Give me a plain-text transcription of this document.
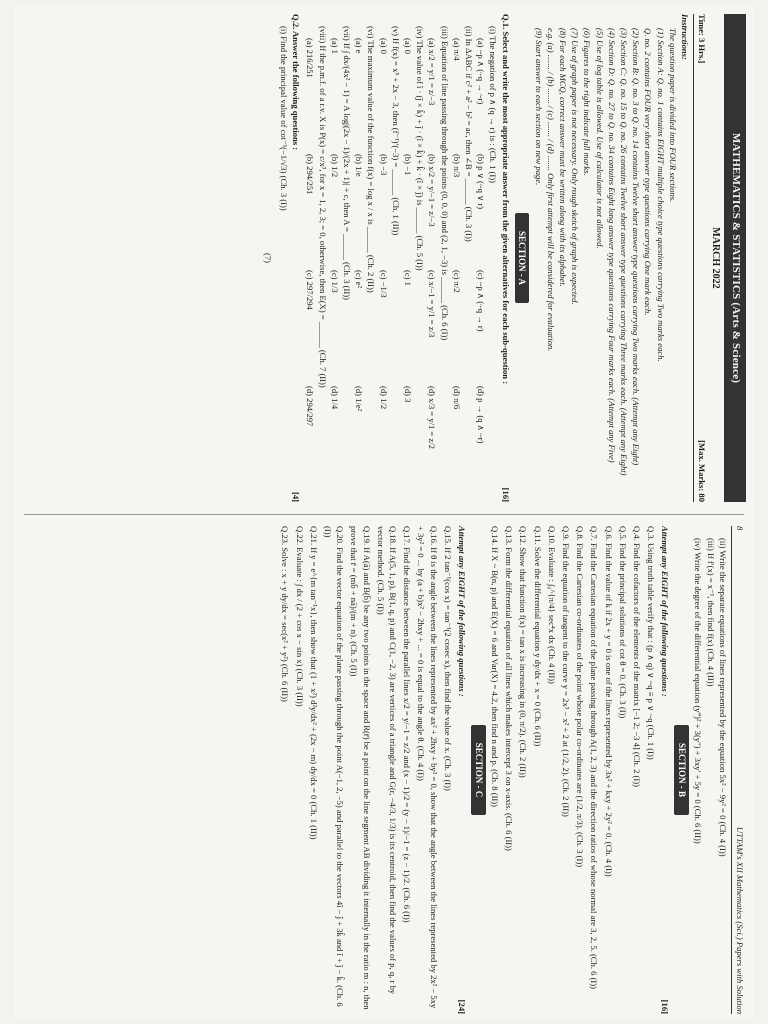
MATHEMATICS & STATISTICS (Arts & Science)
MARCH 2022
Time: 3 Hrs.]
[Max. Marks: 80
Instructions:
The question paper is divided into FOUR sections.
(1) Section A: Q. no. 1 contains EIGHT multiple choice type questions carrying Two marks each.
Q. no. 2 contains FOUR very short answer type questions carrying One mark each.
(2) Section B: Q. no. 3 to Q. no. 14 contains Twelve short answer type questions carrying Two marks each. (Attempt any Eight)
(3) Section C: Q. no. 15 to Q. no. 26 contains Twelve short answer type questions carrying Three marks each. (Attempt any Eight)
(4) Section D: Q. no. 27 to Q. no. 34 contains Eight long answer type questions carrying Four marks each. (Attempt any Five)
(5) Use of log table is allowed. Use of calculator is not allowed.
(6) Figures to the right indicate full marks.
(7) Use of graph paper is not necessary. Only rough sketch of graph is expected.
(8) For each MCQ, correct answer must be written along with its alphabet.
e.g. (a) ....... / (b) ....... / (c) ....... / (d) ....... Only first attempt will be considered for evaluation.
(9) Start answer to each section on new page.
SECTION - A
[16]
Q.1. Select and write the most appropriate answer from the given alternatives for each sub-question :
(i) The negation of p ∧ (q → r) is : (Ch. 1 (I))
(a) ~p ∧ (~q → ~r)
(b) p ∨ (~q ∨ r)
(c) ~p ∧ (~q → r)
(d) p → (q ∧ ~r)
(ii) In ΔABC if c² + a² − b² = ac, then ∠B = ______ (Ch. 3 (I))
(a) π/4
(b) π/3
(c) π/2
(d) π/6
(iii) Equation of line passing through the points (0, 0, 0) and (2, 1, −3) is ______ (Ch. 6 (I))
(a) x/2 = y/1 = z/−3
(b) x/2 = y/−1 = z/−3
(c) x/−1 = y/1 = z/3
(d) x/3 = y/1 = z/2
(iv) The value of î · (ĵ × k̂) + ĵ · (î × k̂) + k̂ · (î × ĵ) is ______ (Ch. 5 (I))
(a) 0
(b) −1
(c) 1
(d) 3
(v) If f(x) = x⁵ + 2x − 3, then (f⁻¹)′(−3) = ______ (Ch. 1 (II))
(a) 0
(b) −3
(c) −1/3
(d) 1/2
(vi) The maximum value of the function f(x) = log x / x is ______ (Ch. 2 (II))
(a) e
(b) 1/e
(c) e²
(d) 1/e²
(vii) If ∫ dx/(4x² − 1) = A log|(2x − 1)/(2x + 1)| + c, then A = ______ (Ch. 3 (II))
(a) 1
(b) 1/2
(c) 1/3
(d) 1/4
(viii) If the p.m.f. of a r.v. X is P(x) = c/x³, for x = 1, 2, 3; = 0, otherwise, then E(X) = ______ (Ch. 7 (II))
(a) 216/251
(b) 294/251
(c) 297/294
(d) 294/297
[4]
Q.2. Answer the following questions :
(i) Find the principal value of cot⁻¹(−1/√3) (Ch. 3 (I))
(7)
8
UTTAM's XII Mathematics (Sci.) Papers with Solution
(ii) Write the separate equations of lines represented by the equation 5x² − 9y² = 0 (Ch. 4 (I))
(iii) If f′(x) = x⁻¹, then find f(x) (Ch. 4 (II))
(iv) Write the degree of the differential equation (y‴)² + 3(y″) + 3xy′ + 5y = 0 (Ch. 6 (II))
SECTION - B
[16]
Attempt any EIGHT of the following questions :
Q.3. Using truth table verify that : (p ∧ q) ∨ ~q ≡ p ∨ ~q (Ch. 1 (I))
Q.4. Find the cofactors of the elements of the matrix [−1 2; −3 4] (Ch. 2 (I))
Q.5. Find the principal solutions of cot θ = 0. (Ch. 3 (I))
Q.6. Find the value of k if 2x + y = 0 is one of the lines represented by 3x² + kxy + 2y² = 0. (Ch. 4 (I))
Q.7. Find the Cartesian equation of the plane passing through A(1, 2, 3) and the direction ratios of whose normal are 3, 2, 5. (Ch. 6 (I))
Q.8. Find the Cartesian co-ordinates of the point whose polar co-ordinates are (1/2, π/3). (Ch. 3 (I))
Q.9. Find the equation of tangent to the curve y = 2x³ − x² + 2 at (1/2, 2). (Ch. 2 (II))
Q.10. Evaluate : ∫₀^{π/4} sec⁴x dx (Ch. 4 (II))
Q.11. Solve the differential equation y dy/dx + x = 0 (Ch. 6 (II))
Q.12. Show that function f(x) = tan x is increasing in (0, π/2). (Ch. 2 (II))
Q.13. Form the differential equation of all lines which makes intercept 3 on x-axis. (Ch. 6 (II))
Q.14. If X ~ B(n, p) and E(X) = 6 and Var(X) = 4.2, then find n and p. (Ch. 8 (II))
SECTION - C
[24]
Attempt any EIGHT of the following questions :
Q.15. If 2 tan⁻¹(cos x) = tan⁻¹(2 cosec x), then find the value of x. (Ch. 3 (I))
Q.16. If θ is the angle between the lines represented by ax² + 2hxy + by² = 0, show that the angle between the lines represented by 2x² − 5xy + 3y² = 0 ... by (a + b)x² − 2hxy + ... = 0 is equal to the angle θ. (Ch. 4 (I))
Q.17. Find the distance between the parallel lines x/2 = y/−1 = z/2 and (x − 1)/2 = (y − 1)/−1 = (z − 1)/2. (Ch. 6 (I))
Q.18. If A(5, 1, p), B(1, q, p) and C(1, −2, 3) are vertices of a triangle and G(r, −4/3, 1/3) is its centroid, then find the values of p, q, r by vector method. (Ch. 5 (I))
Q.19. If A(ā) and B(b̄) be any two points in the space and R(r̄) be a point on the line segment AB dividing it internally in the ratio m : n, then prove that r̄ = (mb̄ + nā)/(m + n). (Ch. 5 (I))
Q.20. Find the vector equation of the plane passing through the point A(−1, 2, −5) and parallel to the vectors 4î − ĵ + 3k̂ and î + ĵ − k̂. (Ch. 6 (I))
Q.21. If y = e^{m tan⁻¹x}, then show that (1 + x²) d²y/dx² + (2x − m) dy/dx = 0 (Ch. 1 (II))
Q.22. Evaluate : ∫ dx / (2 + cos x − sin x) (Ch. 3 (II))
Q.23. Solve : x + y dy/dx = sec(x² + y²) (Ch. 6 (II))
